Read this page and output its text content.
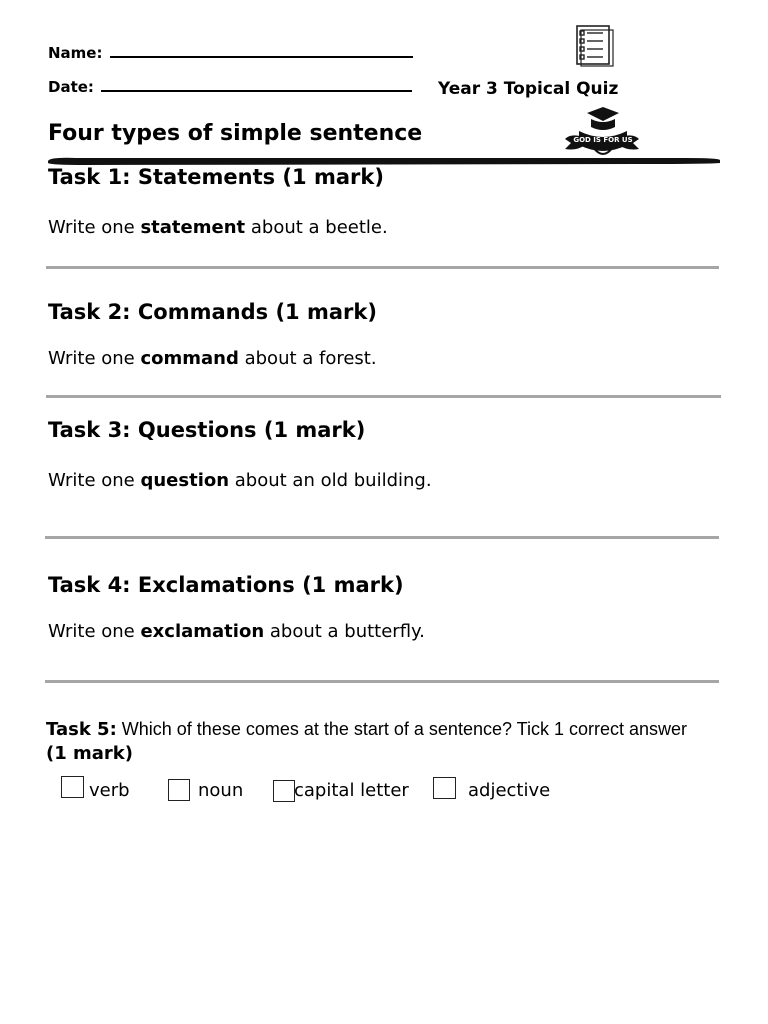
Name:
Date:	Year 3 Topical Quiz
Four types of simple sentence	GOD IS FOR US
Task 1: Statements (1 mark)
Write one statement about a beetle.
Task 2: Commands (1 mark)
Write one command about a forest.
Task 3: Questions (1 mark)
Write one question about an old building.
Task 4: Exclamations (1 mark)
Write one exclamation about a butterfly.
Task 5: Which of these comes at the start of a sentence? Tick 1 correct answer (1 mark)
verb	noun	capital letter	adjective
